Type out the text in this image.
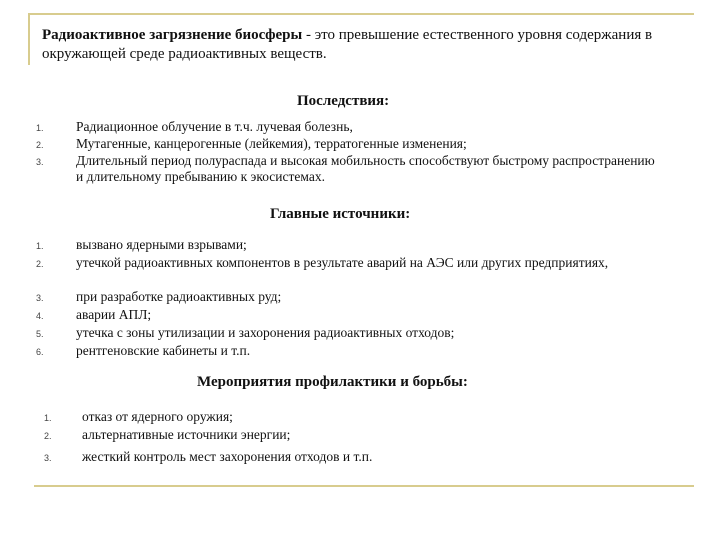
Радиоактивное загрязнение биосферы - это превышение естественного уровня содержания в окружающей среде радиоактивных веществ.
Последствия:
1. Радиационное облучение в т.ч. лучевая болезнь,
2. Мутагенные, канцерогенные (лейкемия), терратогенные изменения;
3. Длительный период полураспада и высокая мобильность способствуют быстрому распространению и длительному пребыванию к экосистемах.
Главные источники:
1. вызвано ядерными взрывами;
2. утечкой радиоактивных компонентов в результате аварий на АЭС или других предприятиях,
3. при разработке радиоактивных руд;
4. аварии АПЛ;
5. утечка с зоны утилизации и захоронения радиоактивных отходов;
6. рентгеновские кабинеты и т.п.
Мероприятия профилактики и борьбы:
1. отказ от ядерного оружия;
2. альтернативные источники энергии;
3. жесткий контроль мест захоронения отходов и т.п.
